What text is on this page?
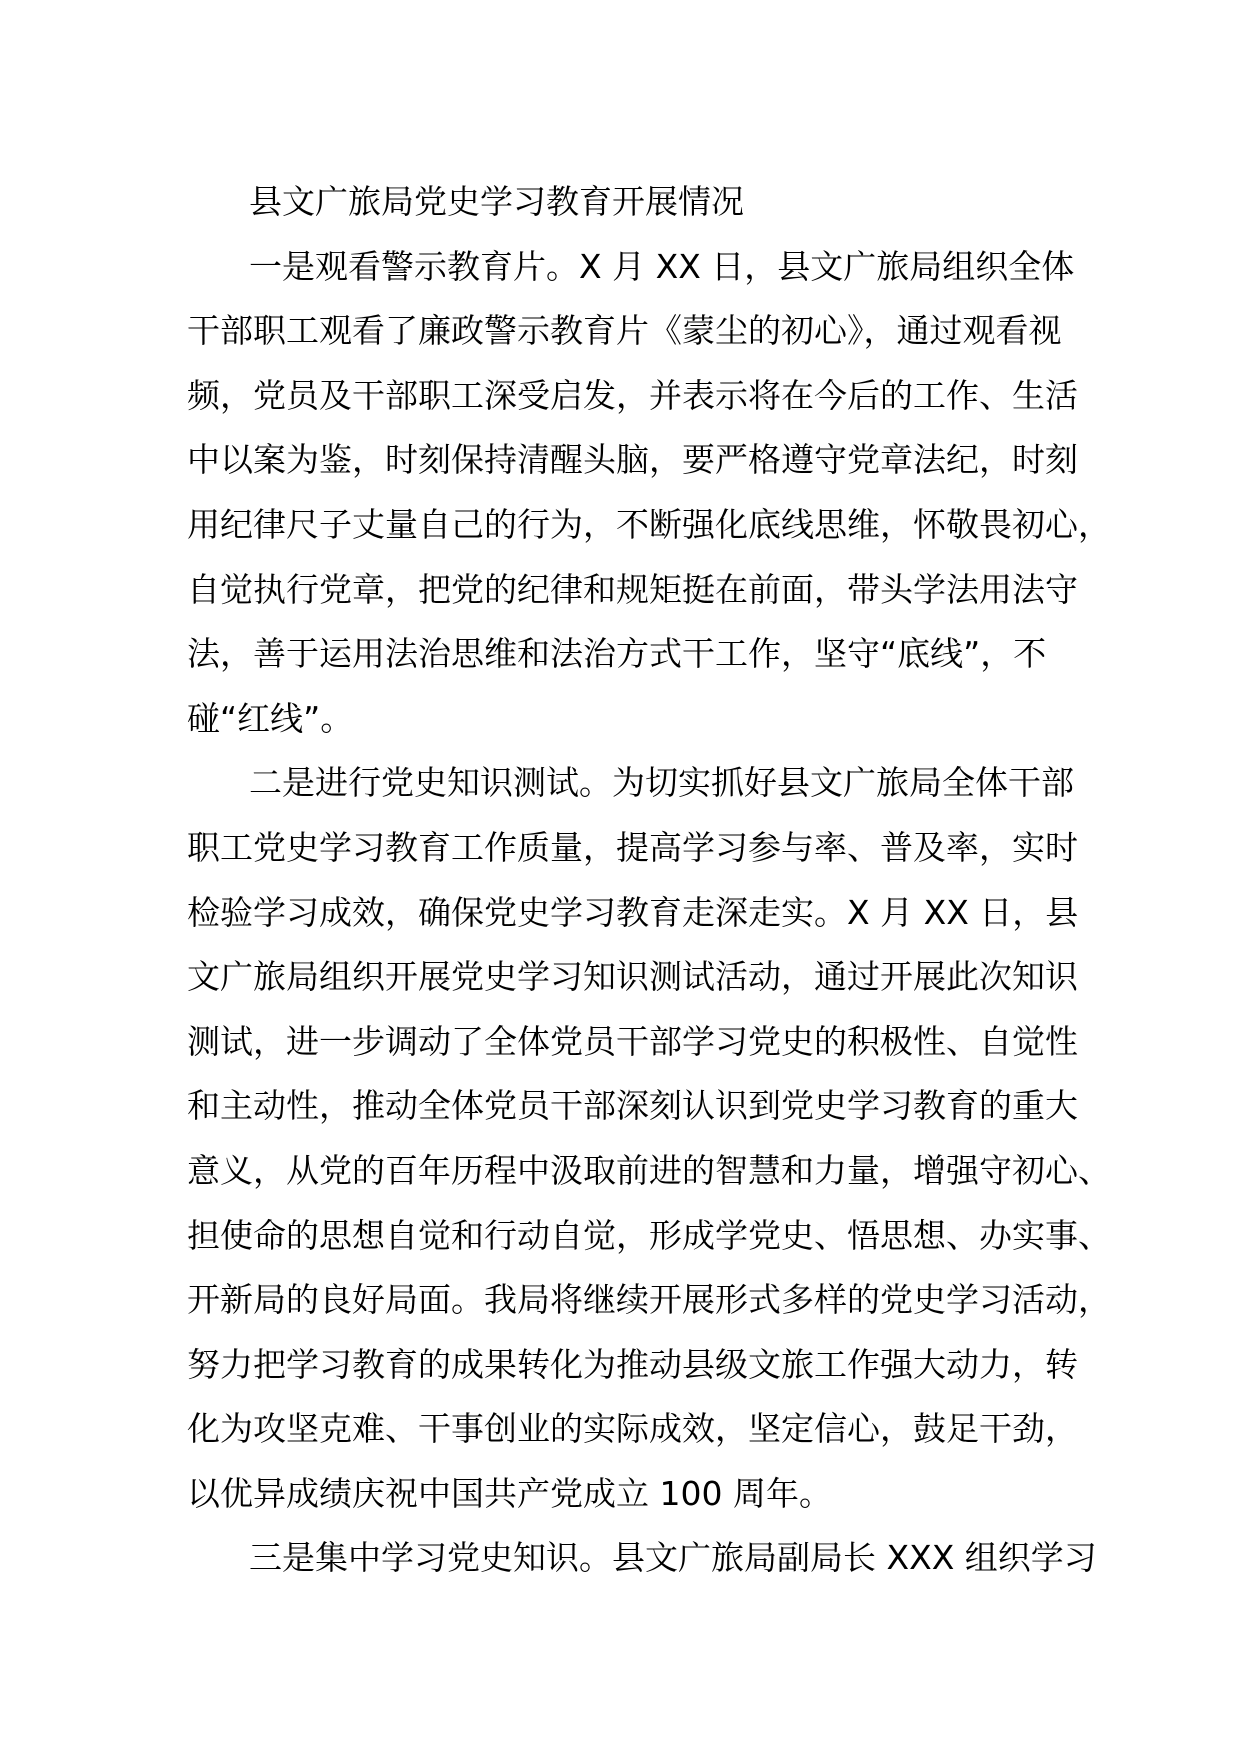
县文广旅局党史学习教育开展情况
一是观看警示教育片。X 月 XX 日，县文广旅局组织全体
干部职工观看了廉政警示教育片《蒙尘的初心》，通过观看视
频，党员及干部职工深受启发，并表示将在今后的工作、生活
中以案为鉴，时刻保持清醒头脑，要严格遵守党章法纪，时刻
用纪律尺子丈量自己的行为，不断强化底线思维，怀敬畏初心，
自觉执行党章，把党的纪律和规矩挺在前面，带头学法用法守
法，善于运用法治思维和法治方式干工作，坚守“底线”，不
碰“红线”。
二是进行党史知识测试。为切实抓好县文广旅局全体干部
职工党史学习教育工作质量，提高学习参与率、普及率，实时
检验学习成效，确保党史学习教育走深走实。X 月 XX 日，县
文广旅局组织开展党史学习知识测试活动，通过开展此次知识
测试，进一步调动了全体党员干部学习党史的积极性、自觉性
和主动性，推动全体党员干部深刻认识到党史学习教育的重大
意义，从党的百年历程中汲取前进的智慧和力量，增强守初心、
担使命的思想自觉和行动自觉，形成学党史、悟思想、办实事、
开新局的良好局面。我局将继续开展形式多样的党史学习活动，
努力把学习教育的成果转化为推动县级文旅工作强大动力，转
化为攻坚克难、干事创业的实际成效，坚定信心，鼓足干劲，
以优异成绩庆祝中国共产党成立 100 周年。
三是集中学习党史知识。县文广旅局副局长 XXX 组织学习
